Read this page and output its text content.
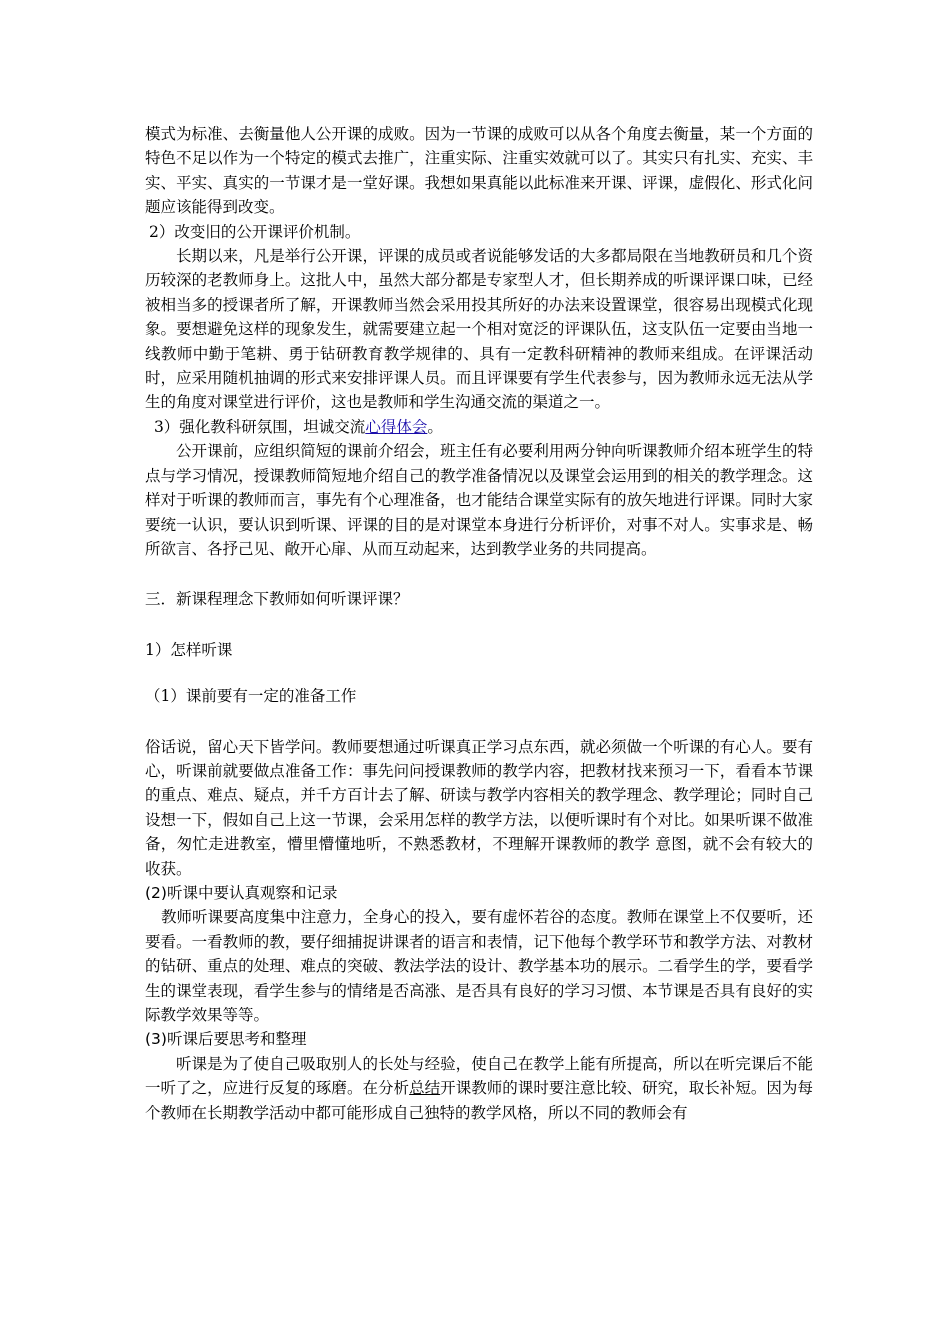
模式为标准、去衡量他人公开课的成败。因为一节课的成败可以从各个角度去衡量，某一个方面的特色不足以作为一个特定的模式去推广，注重实际、注重实效就可以了。其实只有扎实、充实、丰实、平实、真实的一节课才是一堂好课。我想如果真能以此标准来开课、评课，虚假化、形式化问题应该能得到改变。

2）改变旧的公开课评价机制。

长期以来，凡是举行公开课，评课的成员或者说能够发话的大多都局限在当地教研员和几个资历较深的老教师身上。这批人中，虽然大部分都是专家型人才，但长期养成的听课评课口味，已经被相当多的授课者所了解，开课教师当然会采用投其所好的办法来设置课堂，很容易出现模式化现象。要想避免这样的现象发生，就需要建立起一个相对宽泛的评课队伍，这支队伍一定要由当地一线教师中勤于笔耕、勇于钻研教育教学规律的、具有一定教科研精神的教师来组成。在评课活动时，应采用随机抽调的形式来安排评课人员。而且评课要有学生代表参与，因为教师永远无法从学生的角度对课堂进行评价，这也是教师和学生沟通交流的渠道之一。

3）强化教科研氛围，坦诚交流心得体会。

公开课前，应组织简短的课前介绍会，班主任有必要利用两分钟向听课教师介绍本班学生的特点与学习情况，授课教师简短地介绍自己的教学准备情况以及课堂会运用到的相关的教学理念。这样对于听课的教师而言，事先有个心理准备，也才能结合课堂实际有的放矢地进行评课。同时大家要统一认识，要认识到听课、评课的目的是对课堂本身进行分析评价，对事不对人。实事求是、畅所欲言、各抒己见、敞开心扉、从而互动起来，达到教学业务的共同提高。

三．新课程理念下教师如何听课评课？

1）怎样听课

（1）课前要有一定的准备工作

俗话说，留心天下皆学问。教师要想通过听课真正学习点东西，就必须做一个听课的有心人。要有心，听课前就要做点准备工作：事先问问授课教师的教学内容，把教材找来预习一下，看看本节课的重点、难点、疑点，并千方百计去了解、研读与教学内容相关的教学理念、教学理论；同时自己设想一下，假如自己上这一节课，会采用怎样的教学方法，以便听课时有个对比。如果听课不做准备，匆忙走进教室，懵里懵懂地听，不熟悉教材，不理解开课教师的教学 意图，就不会有较大的收获。

(2)听课中要认真观察和记录

教师听课要高度集中注意力，全身心的投入，要有虚怀若谷的态度。教师在课堂上不仅要听，还要看。一看教师的教，要仔细捕捉讲课者的语言和表情，记下他每个教学环节和教学方法、对教材的钻研、重点的处理、难点的突破、教法学法的设计、教学基本功的展示。二看学生的学，要看学生的课堂表现，看学生参与的情绪是否高涨、是否具有良好的学习习惯、本节课是否具有良好的实际教学效果等等。

(3)听课后要思考和整理

听课是为了使自己吸取别人的长处与经验，使自己在教学上能有所提高，所以在听完课后不能一听了之，应进行反复的琢磨。在分析总结开课教师的课时要注意比较、研究，取长补短。因为每个教师在长期教学活动中都可能形成自己独特的教学风格，所以不同的教师会有
